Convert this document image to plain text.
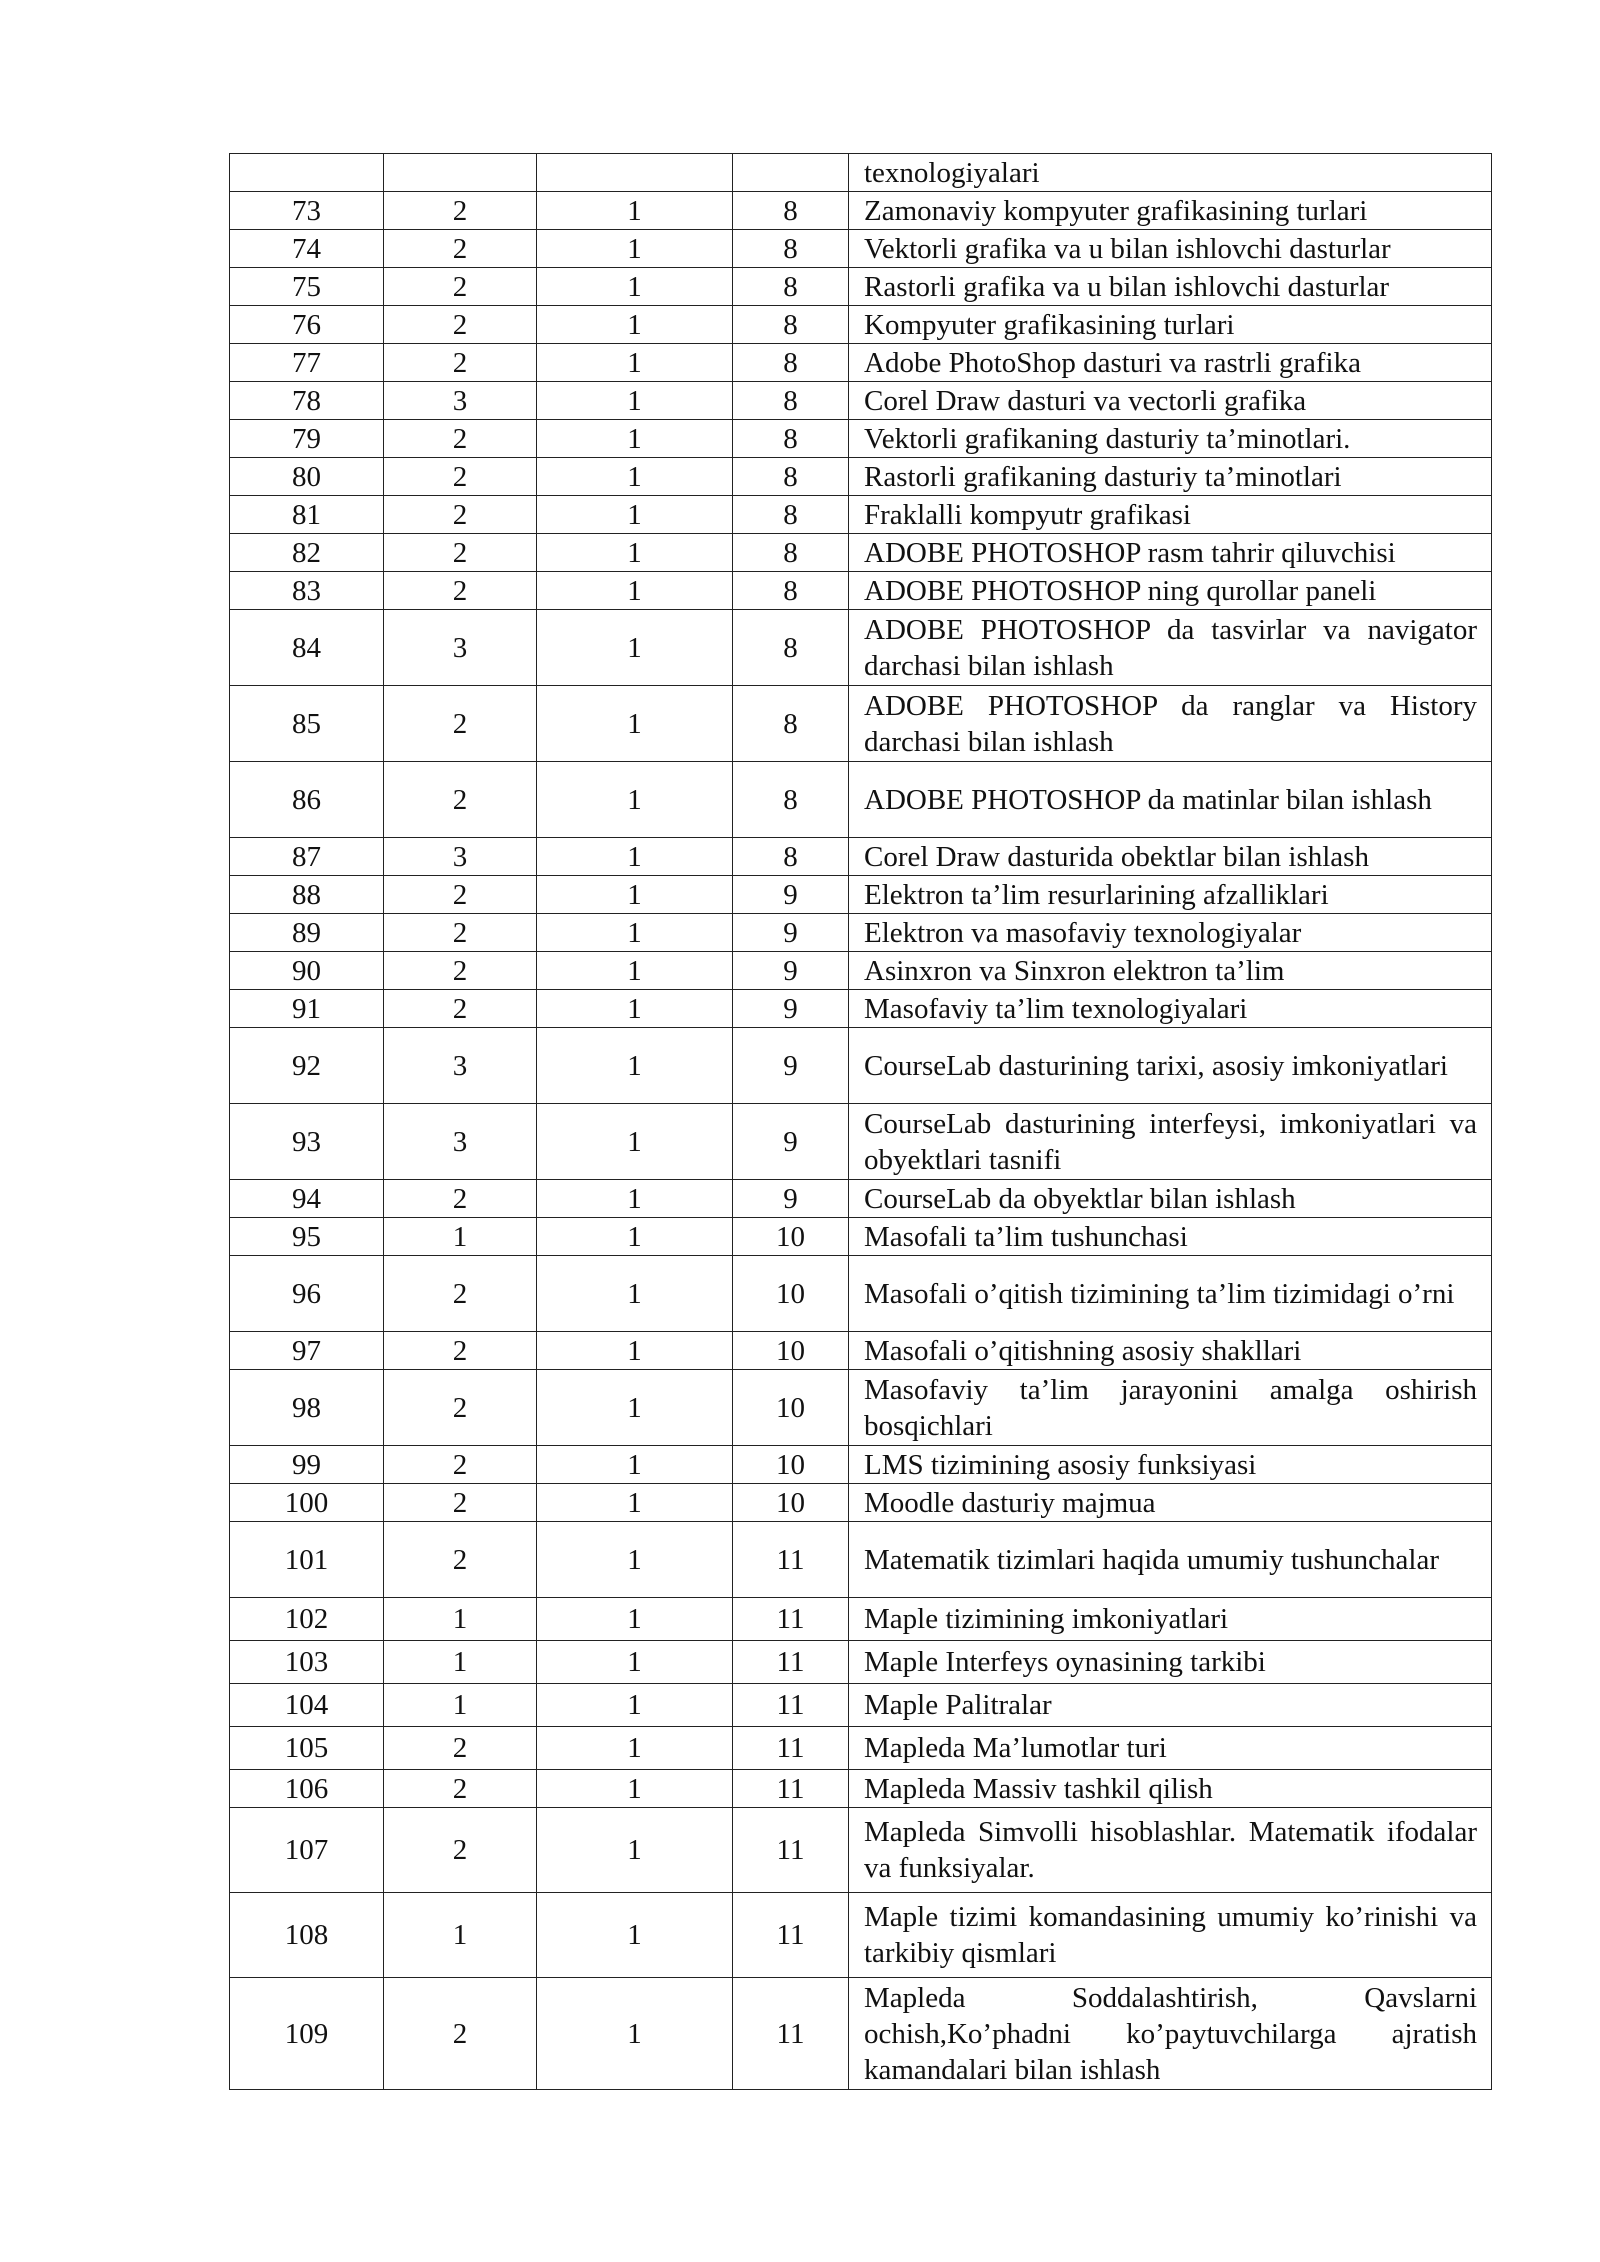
				texnologiyalari
73	2	1	8	Zamonaviy kompyuter grafikasining turlari
74	2	1	8	Vektorli grafika va u bilan ishlovchi dasturlar
75	2	1	8	Rastorli grafika va u bilan ishlovchi dasturlar
76	2	1	8	Kompyuter grafikasining turlari
77	2	1	8	Adobe PhotoShop dasturi va rastrli grafika
78	3	1	8	Corel Draw dasturi va vectorli grafika
79	2	1	8	Vektorli grafikaning dasturiy ta’minotlari.
80	2	1	8	Rastorli grafikaning dasturiy ta’minotlari
81	2	1	8	Fraklalli kompyutr grafikasi
82	2	1	8	ADOBE PHOTOSHOP rasm tahrir qiluvchisi
83	2	1	8	ADOBE PHOTOSHOP ning qurollar paneli
84	3	1	8	ADOBE PHOTOSHOP da tasvirlar va navigator darchasi bilan ishlash
85	2	1	8	ADOBE PHOTOSHOP da ranglar va History darchasi bilan ishlash
86	2	1	8	ADOBE PHOTOSHOP da matinlar bilan ishlash
87	3	1	8	Corel Draw dasturida obektlar bilan ishlash
88	2	1	9	Elektron ta’lim resurlarining afzalliklari
89	2	1	9	Elektron va masofaviy texnologiyalar
90	2	1	9	Asinxron va Sinxron elektron ta’lim
91	2	1	9	Masofaviy ta’lim texnologiyalari
92	3	1	9	CourseLab dasturining tarixi, asosiy imkoniyatlari
93	3	1	9	CourseLab dasturining interfeysi, imkoniyatlari va obyektlari tasnifi
94	2	1	9	CourseLab da obyektlar bilan ishlash
95	1	1	10	Masofali ta’lim tushunchasi
96	2	1	10	Masofali o’qitish tizimining ta’lim tizimidagi o’rni
97	2	1	10	Masofali o’qitishning asosiy shakllari
98	2	1	10	Masofaviy ta’lim jarayonini amalga oshirish bosqichlari
99	2	1	10	LMS tizimining asosiy funksiyasi
100	2	1	10	Moodle dasturiy majmua
101	2	1	11	Matematik tizimlari haqida umumiy tushunchalar
102	1	1	11	Maple tizimining imkoniyatlari
103	1	1	11	Maple Interfeys oynasining tarkibi
104	1	1	11	Maple Palitralar
105	2	1	11	Mapleda Ma’lumotlar turi
106	2	1	11	Mapleda Massiv tashkil qilish
107	2	1	11	Mapleda Simvolli hisoblashlar. Matematik ifodalar va funksiyalar.
108	1	1	11	Maple tizimi komandasining umumiy ko’rinishi va tarkibiy qismlari
109	2	1	11	Mapleda Soddalashtirish, Qavslarni ochish,Ko’phadni ko’paytuvchilarga ajratish kamandalari bilan ishlash
